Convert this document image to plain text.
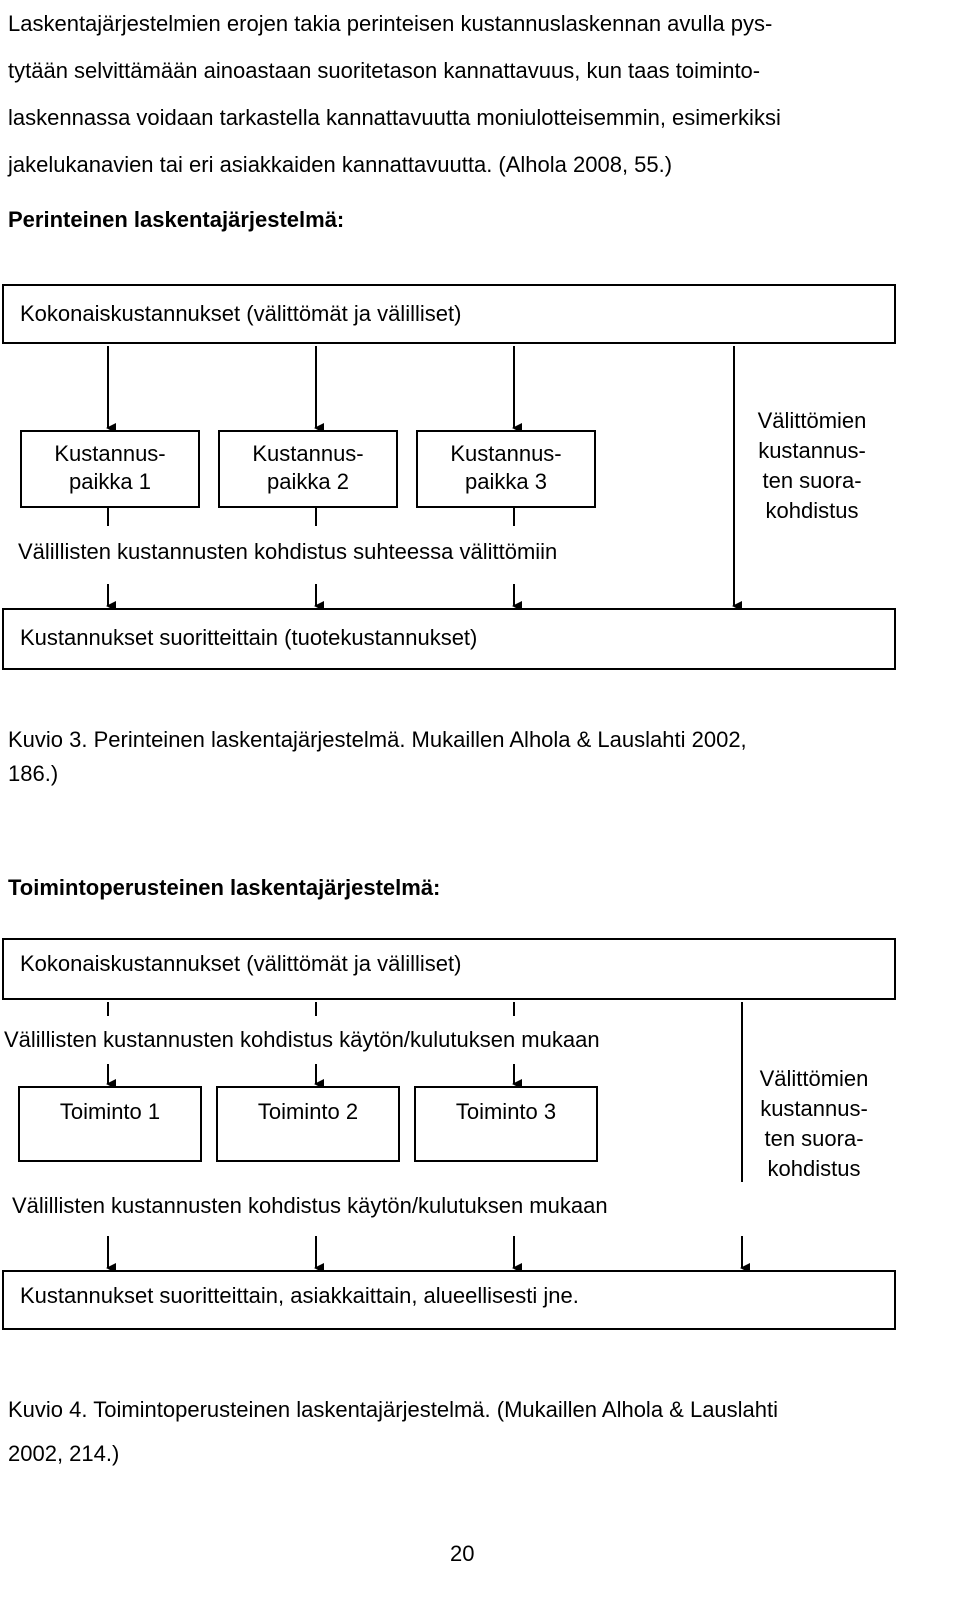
Laskentajärjestelmien erojen takia perinteisen kustannuslaskennan avulla pys-
tytään selvittämään ainoastaan suoritetason kannattavuus, kun taas toiminto-
laskennassa voidaan tarkastella kannattavuutta moniulotteisemmin, esimerkiksi
jakelukanavien tai eri asiakkaiden kannattavuutta. (Alhola 2008, 55.)
Perinteinen laskentajärjestelmä:
Kokonaiskustannukset (välittömät ja välilliset)
Kustannus-
paikka 1
Kustannus-
paikka 2
Kustannus-
paikka 3
Välittömien
kustannus-
ten suora-
kohdistus
Välillisten kustannusten kohdistus suhteessa välittömiin
Kustannukset suoritteittain (tuotekustannukset)
Kuvio 3. Perinteinen laskentajärjestelmä. Mukaillen Alhola & Lauslahti 2002,
186.)
Toimintoperusteinen laskentajärjestelmä:
Kokonaiskustannukset (välittömät ja välilliset)
Välillisten kustannusten kohdistus käytön/kulutuksen mukaan
Toiminto 1	Toiminto 2	Toiminto 3
Välittömien
kustannus-
ten suora-
kohdistus
Välillisten kustannusten kohdistus käytön/kulutuksen mukaan
Kustannukset suoritteittain, asiakkaittain, alueellisesti jne.
Kuvio 4. Toimintoperusteinen laskentajärjestelmä. (Mukaillen Alhola & Lauslahti
2002, 214.)
20
